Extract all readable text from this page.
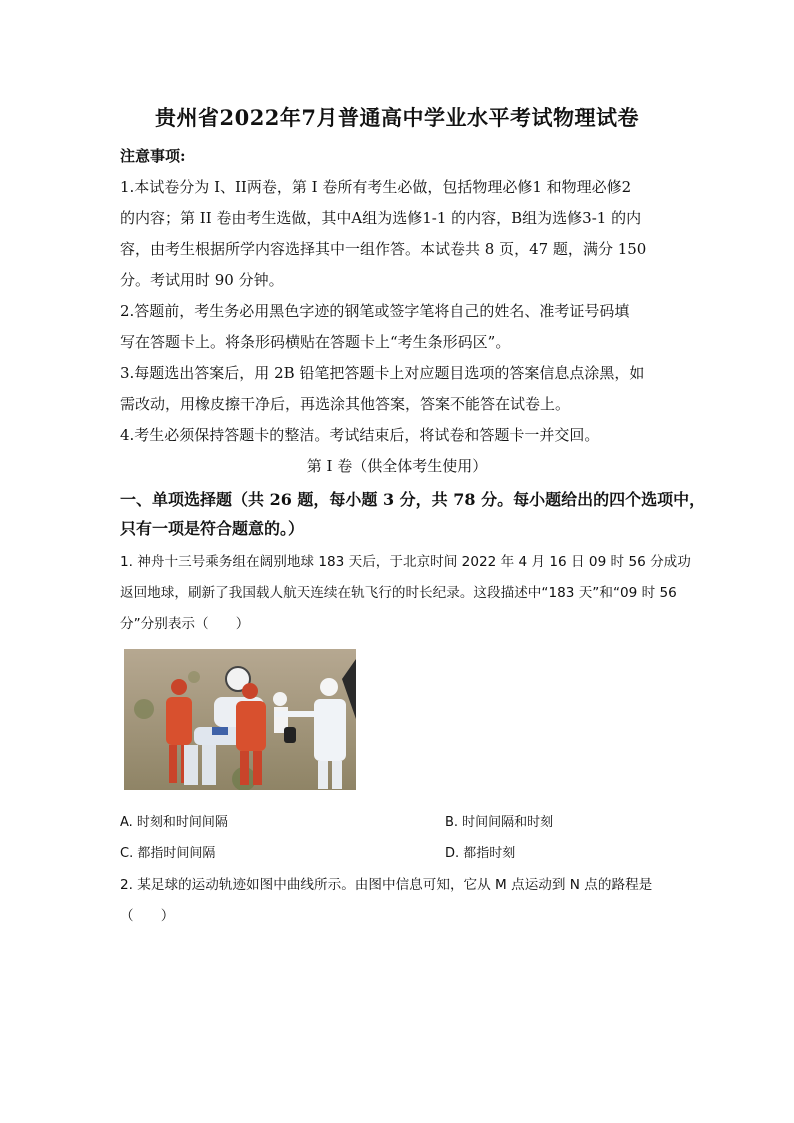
贵州省2022年7月普通高中学业水平考试物理试卷
注意事项:
1.本试卷分为 I、II两卷，第 I 卷所有考生必做，包括物理必修1 和物理必修2
的内容；第 II 卷由考生选做，其中A组为选修1-1 的内容，B组为选修3-1 的内
容，由考生根据所学内容选择其中一组作答。本试卷共 8 页，47 题，满分 150
分。考试用时 90 分钟。
2.答题前，考生务必用黑色字迹的钢笔或签字笔将自己的姓名、准考证号码填
写在答题卡上。将条形码横贴在答题卡上“考生条形码区”。
3.每题选出答案后，用 2B 铅笔把答题卡上对应题目选项的答案信息点涂黑，如
需改动，用橡皮擦干净后，再选涂其他答案，答案不能答在试卷上。
4.考生必须保持答题卡的整洁。考试结束后，将试卷和答题卡一并交回。
第 I 卷（供全体考生使用）
一、单项选择题（共 26 题，每小题 3 分，共 78 分。每小题给出的四个选项中，
只有一项是符合题意的。）
1. 神舟十三号乘务组在阔别地球 183 天后，于北京时间 2022 年 4 月 16 日 09 时 56 分成功
返回地球，刷新了我国载人航天连续在轨飞行的时长纪录。这段描述中“183 天”和“09 时 56
分”分别表示（　　）
A. 时刻和时间间隔	B. 时间间隔和时刻
C. 都指时间间隔	D. 都指时刻
2. 某足球的运动轨迹如图中曲线所示。由图中信息可知，它从 M 点运动到 N 点的路程是
（　　）
